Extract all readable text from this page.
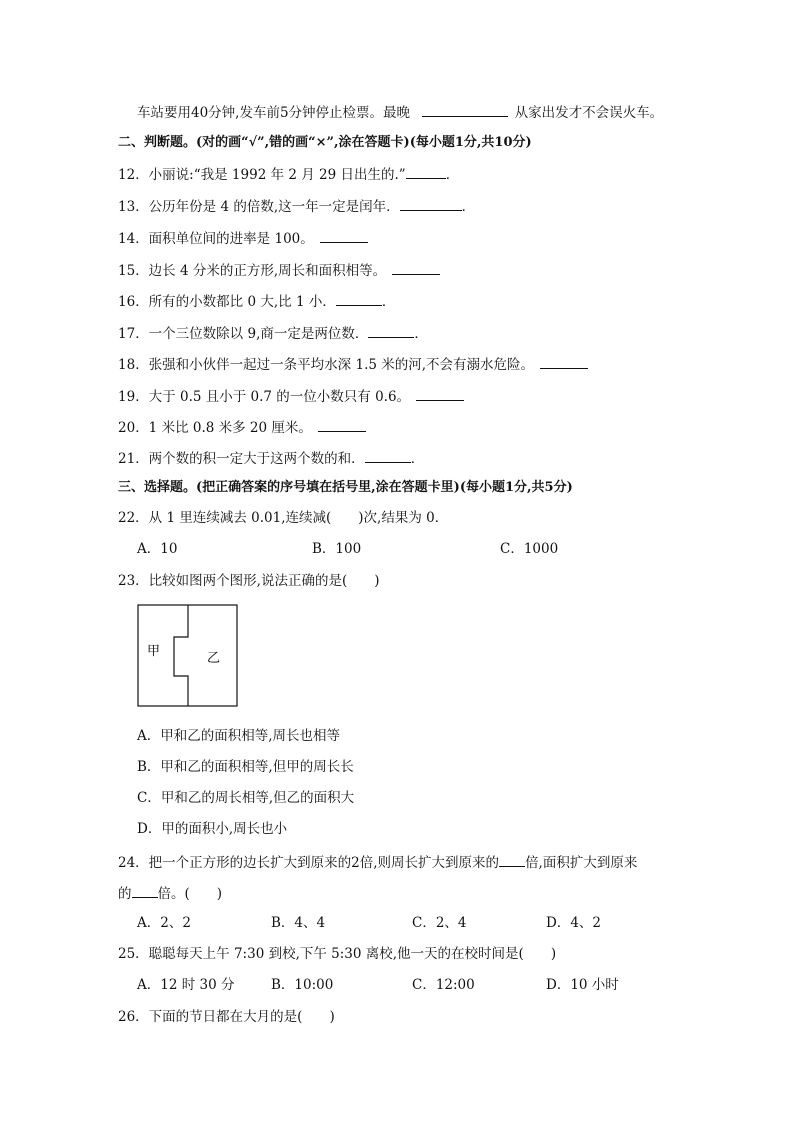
车站要用40分钟,发车前5分钟停止检票。最晚	从家出发才不会误火车。
二、判断题。(对的画“√”,错的画“×”,涂在答题卡)(每小题1分,共10分)
12．小丽说:“我是 1992 年 2 月 29 日出生的.”	．
13．公历年份是 4 的倍数,这一年一定是闰年．	．
14．面积单位间的进率是 100。
15．边长 4 分米的正方形,周长和面积相等。
16．所有的小数都比 0 大,比 1 小．	．
17．一个三位数除以 9,商一定是两位数．	．
18．张强和小伙伴一起过一条平均水深 1.5 米的河,不会有溺水危险。
19．大于 0.5 且小于 0.7 的一位小数只有 0.6。
20．1 米比 0.8 米多 20 厘米。
21．两个数的积一定大于这两个数的和．	．
三、选择题。(把正确答案的序号填在括号里,涂在答题卡里)(每小题1分,共5分)
22．从 1 里连续减去 0.01,连续减(　　)次,结果为 0．
A．10	B．100	C．1000
23．比较如图两个图形,说法正确的是(　　)
甲	乙
A．甲和乙的面积相等,周长也相等
B．甲和乙的面积相等,但甲的周长长
C．甲和乙的周长相等,但乙的面积大
D．甲的面积小,周长也小
24．把一个正方形的边长扩大到原来的2倍,则周长扩大到原来的 倍,面积扩大到原来
的 倍。(　　)
A．2、2	B．4、4	C．2、4	D．4、2
25．聪聪每天上午 7:30 到校,下午 5:30 离校,他一天的在校时间是(　　)
A．12 时 30 分	B．10:00	C．12:00	D．10 小时
26．下面的节日都在大月的是(　　)
